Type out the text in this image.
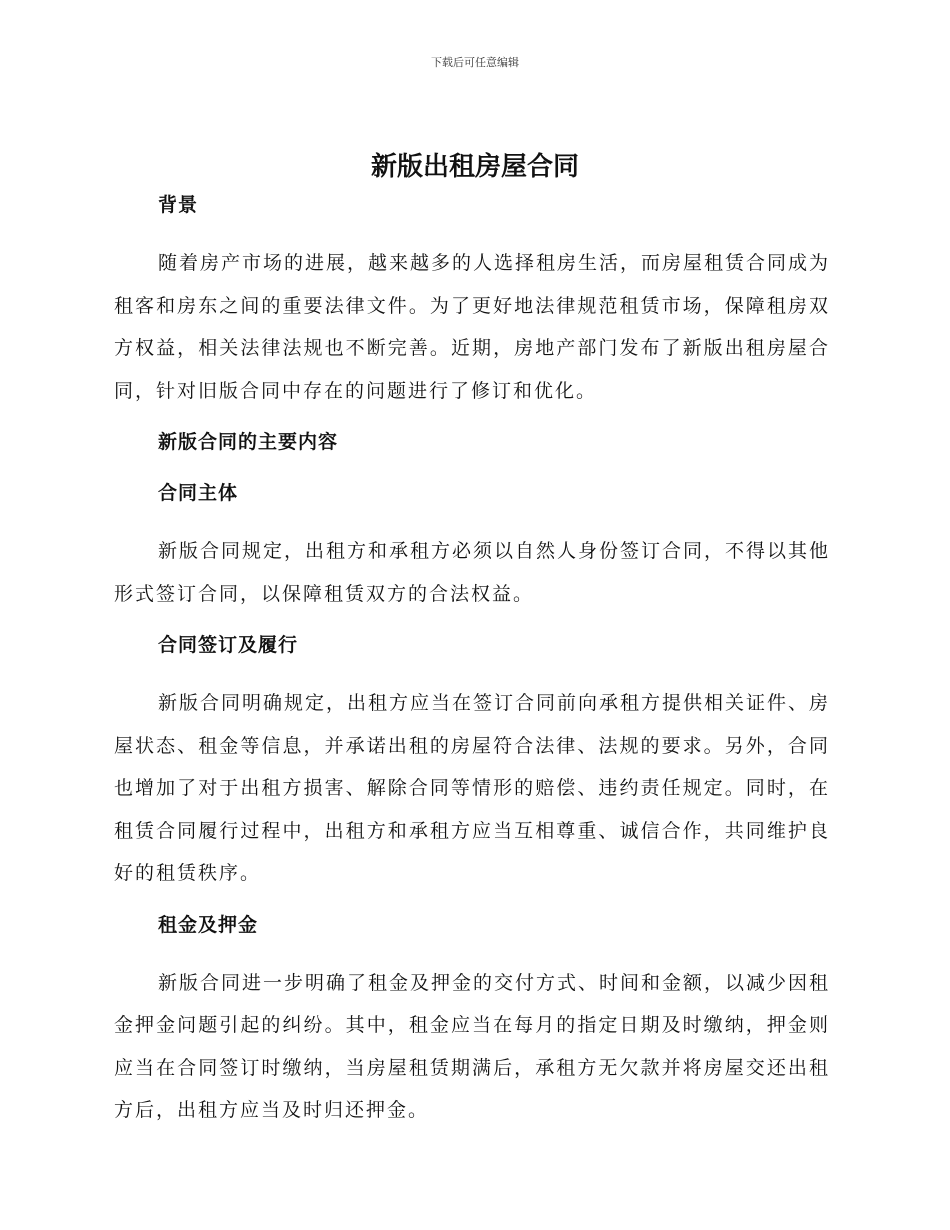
下载后可任意编辑
新版出租房屋合同
背景

随着房产市场的进展，越来越多的人选择租房生活，而房屋租赁合同成为租客和房东之间的重要法律文件。为了更好地法律规范租赁市场，保障租房双方权益，相关法律法规也不断完善。近期，房地产部门发布了新版出租房屋合同，针对旧版合同中存在的问题进行了修订和优化。

新版合同的主要内容
合同主体

新版合同规定，出租方和承租方必须以自然人身份签订合同，不得以其他形式签订合同，以保障租赁双方的合法权益。

合同签订及履行

新版合同明确规定，出租方应当在签订合同前向承租方提供相关证件、房屋状态、租金等信息，并承诺出租的房屋符合法律、法规的要求。另外，合同也增加了对于出租方损害、解除合同等情形的赔偿、违约责任规定。同时，在租赁合同履行过程中，出租方和承租方应当互相尊重、诚信合作，共同维护良好的租赁秩序。

租金及押金

新版合同进一步明确了租金及押金的交付方式、时间和金额，以减少因租金押金问题引起的纠纷。其中，租金应当在每月的指定日期及时缴纳，押金则应当在合同签订时缴纳，当房屋租赁期满后，承租方无欠款并将房屋交还出租方后，出租方应当及时归还押金。
